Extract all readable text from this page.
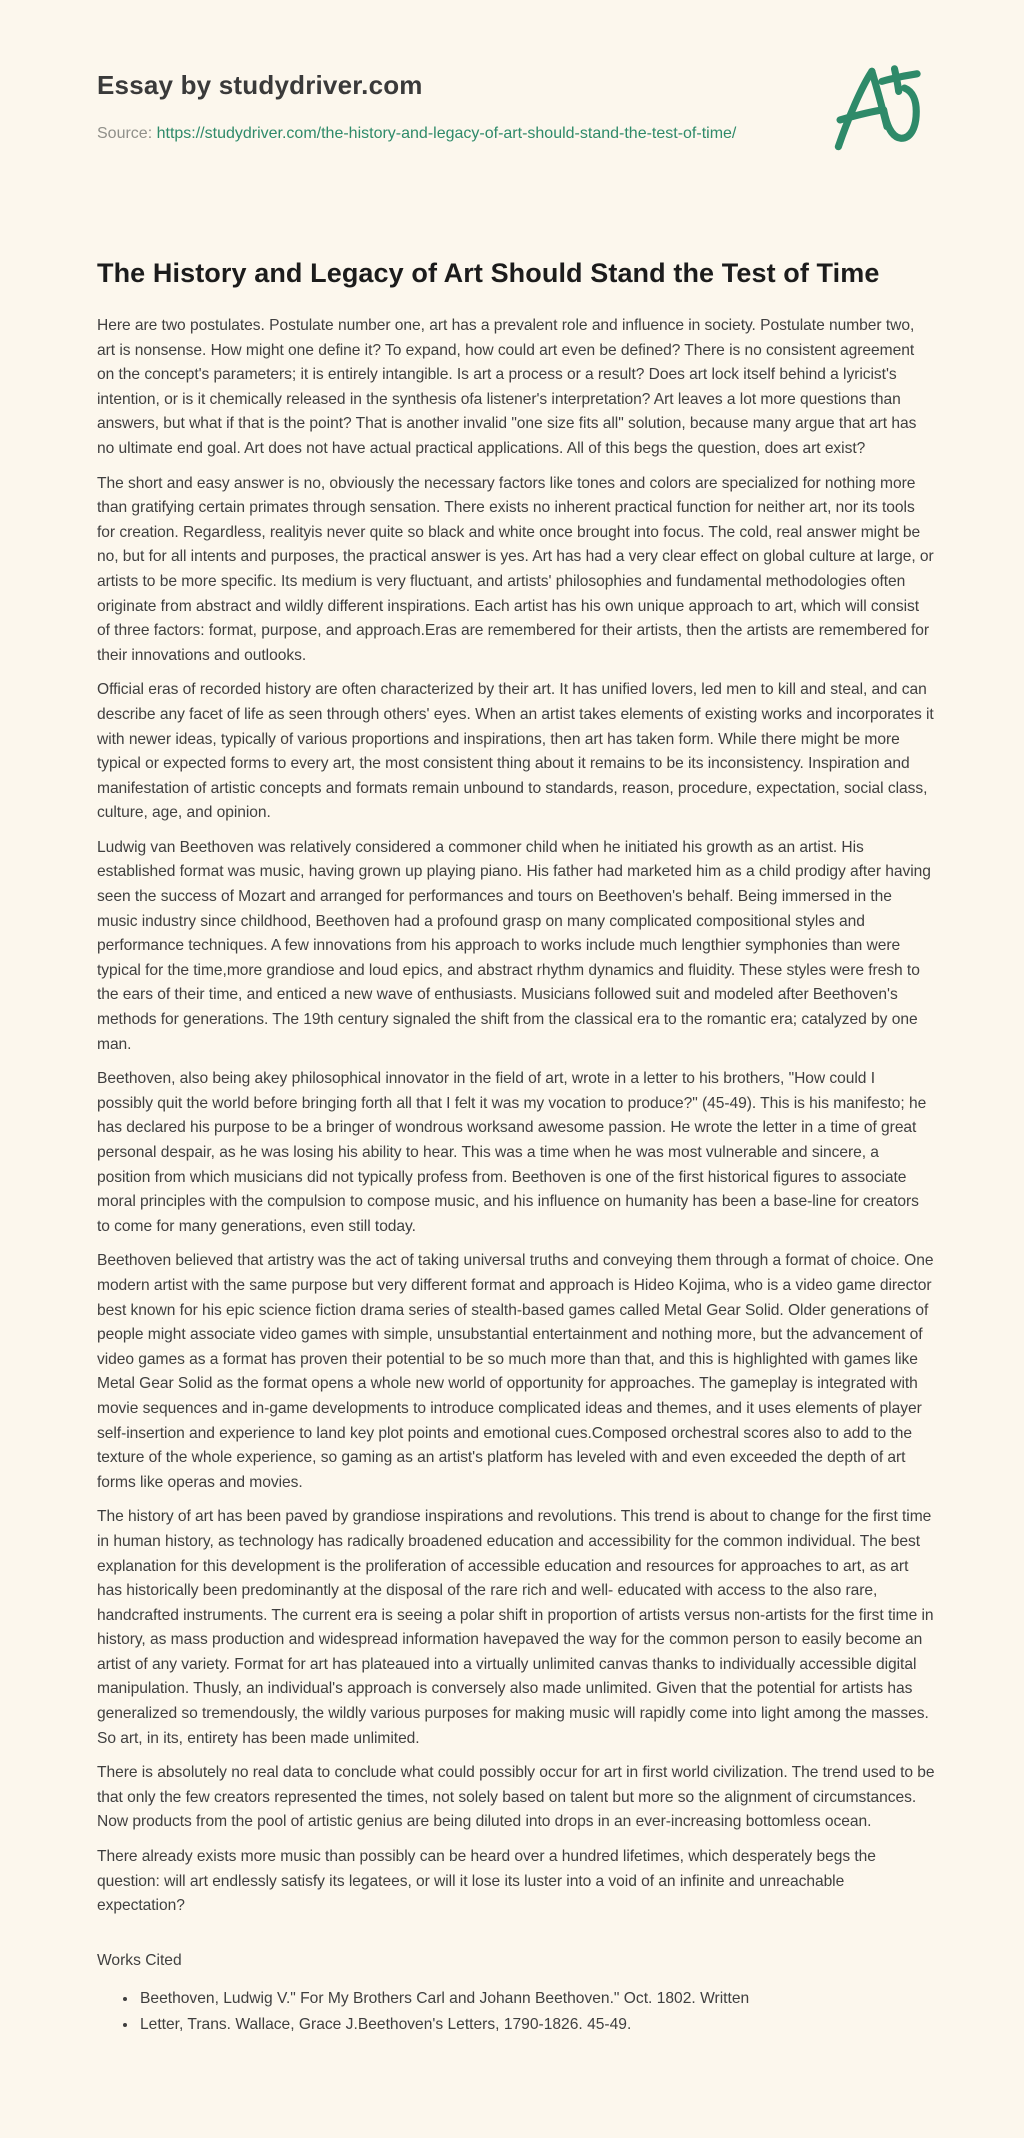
Essay by studydriver.com

Source: https://studydriver.com/the-history-and-legacy-of-art-should-stand-the-test-of-time/

The History and Legacy of Art Should Stand the Test of Time

Here are two postulates. Postulate number one, art has a prevalent role and influence in society. Postulate number two, art is nonsense. How might one define it? To expand, how could art even be defined? There is no consistent agreement on the concept's parameters; it is entirely intangible. Is art a process or a result? Does art lock itself behind a lyricist's intention, or is it chemically released in the synthesis ofa listener's interpretation? Art leaves a lot more questions than answers, but what if that is the point? That is another invalid "one size fits all" solution, because many argue that art has no ultimate end goal. Art does not have actual practical applications. All of this begs the question, does art exist?

The short and easy answer is no, obviously the necessary factors like tones and colors are specialized for nothing more than gratifying certain primates through sensation. There exists no inherent practical function for neither art, nor its tools for creation. Regardless, realityis never quite so black and white once brought into focus. The cold, real answer might be no, but for all intents and purposes, the practical answer is yes. Art has had a very clear effect on global culture at large, or artists to be more specific. Its medium is very fluctuant, and artists' philosophies and fundamental methodologies often originate from abstract and wildly different inspirations. Each artist has his own unique approach to art, which will consist of three factors: format, purpose, and approach.Eras are remembered for their artists, then the artists are remembered for their innovations and outlooks.

Official eras of recorded history are often characterized by their art. It has unified lovers, led men to kill and steal, and can describe any facet of life as seen through others' eyes. When an artist takes elements of existing works and incorporates it with newer ideas, typically of various proportions and inspirations, then art has taken form. While there might be more typical or expected forms to every art, the most consistent thing about it remains to be its inconsistency. Inspiration and manifestation of artistic concepts and formats remain unbound to standards, reason, procedure, expectation, social class, culture, age, and opinion.

Ludwig van Beethoven was relatively considered a commoner child when he initiated his growth as an artist. His established format was music, having grown up playing piano. His father had marketed him as a child prodigy after having seen the success of Mozart and arranged for performances and tours on Beethoven's behalf. Being immersed in the music industry since childhood, Beethoven had a profound grasp on many complicated compositional styles and performance techniques. A few innovations from his approach to works include much lengthier symphonies than were typical for the time,more grandiose and loud epics, and abstract rhythm dynamics and fluidity. These styles were fresh to the ears of their time, and enticed a new wave of enthusiasts. Musicians followed suit and modeled after Beethoven's methods for generations. The 19th century signaled the shift from the classical era to the romantic era; catalyzed by one man.

Beethoven, also being akey philosophical innovator in the field of art, wrote in a letter to his brothers, "How could I possibly quit the world before bringing forth all that I felt it was my vocation to produce?" (45-49). This is his manifesto; he has declared his purpose to be a bringer of wondrous worksand awesome passion. He wrote the letter in a time of great personal despair, as he was losing his ability to hear. This was a time when he was most vulnerable and sincere, a position from which musicians did not typically profess from. Beethoven is one of the first historical figures to associate moral principles with the compulsion to compose music, and his influence on humanity has been a base-line for creators to come for many generations, even still today.

Beethoven believed that artistry was the act of taking universal truths and conveying them through a format of choice. One modern artist with the same purpose but very different format and approach is Hideo Kojima, who is a video game director best known for his epic science fiction drama series of stealth-based games called Metal Gear Solid. Older generations of people might associate video games with simple, unsubstantial entertainment and nothing more, but the advancement of video games as a format has proven their potential to be so much more than that, and this is highlighted with games like Metal Gear Solid as the format opens a whole new world of opportunity for approaches. The gameplay is integrated with movie sequences and in-game developments to introduce complicated ideas and themes, and it uses elements of player self-insertion and experience to land key plot points and emotional cues.Composed orchestral scores also to add to the texture of the whole experience, so gaming as an artist's platform has leveled with and even exceeded the depth of art forms like operas and movies.

The history of art has been paved by grandiose inspirations and revolutions. This trend is about to change for the first time in human history, as technology has radically broadened education and accessibility for the common individual. The best explanation for this development is the proliferation of accessible education and resources for approaches to art, as art has historically been predominantly at the disposal of the rare rich and well- educated with access to the also rare, handcrafted instruments. The current era is seeing a polar shift in proportion of artists versus non-artists for the first time in history, as mass production and widespread information havepaved the way for the common person to easily become an artist of any variety. Format for art has plateaued into a virtually unlimited canvas thanks to individually accessible digital manipulation. Thusly, an individual's approach is conversely also made unlimited. Given that the potential for artists has generalized so tremendously, the wildly various purposes for making music will rapidly come into light among the masses. So art, in its, entirety has been made unlimited.

There is absolutely no real data to conclude what could possibly occur for art in first world civilization. The trend used to be that only the few creators represented the times, not solely based on talent but more so the alignment of circumstances. Now products from the pool of artistic genius are being diluted into drops in an ever-increasing bottomless ocean.

There already exists more music than possibly can be heard over a hundred lifetimes, which desperately begs the question: will art endlessly satisfy its legatees, or will it lose its luster into a void of an infinite and unreachable expectation?

Works Cited

• Beethoven, Ludwig V." For My Brothers Carl and Johann Beethoven." Oct. 1802. Written
• Letter, Trans. Wallace, Grace J.Beethoven's Letters, 1790-1826. 45-49.
